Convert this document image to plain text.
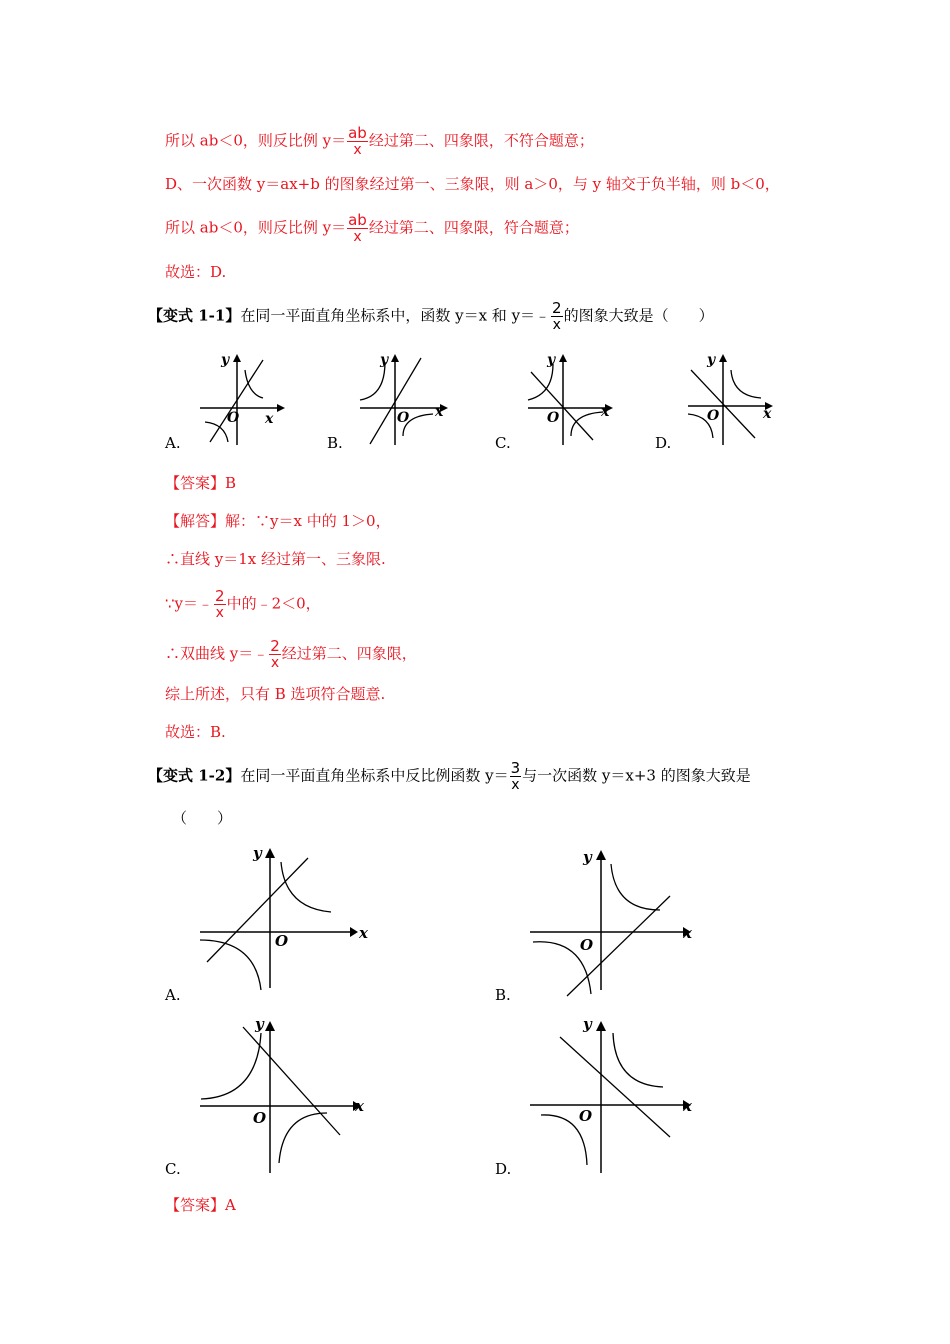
所以 ab＜0，则反比例 $y= \frac{ab}{x}$ 经过第二、四象限，不符合题意；
D、一次函数 y＝ax+b 的图象经过第一、三象限，则 a＞0，与 y 轴交于负半轴，则 b＜0，
所以 ab＜0，则反比例 $y= \frac{ab}{x}$ 经过第二、四象限，符合题意；
故选：D.
【变式 1-1】在同一平面直角坐标系中，函数 y＝x 和 y＝﹣ $\frac{2}{x}$ 的图象大致是（　　）
y
x
O
A.
y
x
O
B.
y
x
O
C.
y
x
O
D.
【答案】B
【解答】解：∵y＝x 中的 1＞0，
∴直线 y＝1x 经过第一、三象限.
∵y＝﹣ $\frac{2}{x}$ 中的﹣2＜0，
∴双曲线 y＝﹣ $\frac{2}{x}$ 经过第二、四象限，
综上所述，只有 B 选项符合题意.
故选：B.
【变式 1-2】在同一平面直角坐标系中反比例函数 $y= \frac{3}{x}$ 与一次函数 y＝x+3 的图象大致是
（　　）
y
x
O
A.
y
x
O
B.
y
x
O
C.
y
x
O
D.
【答案】A
